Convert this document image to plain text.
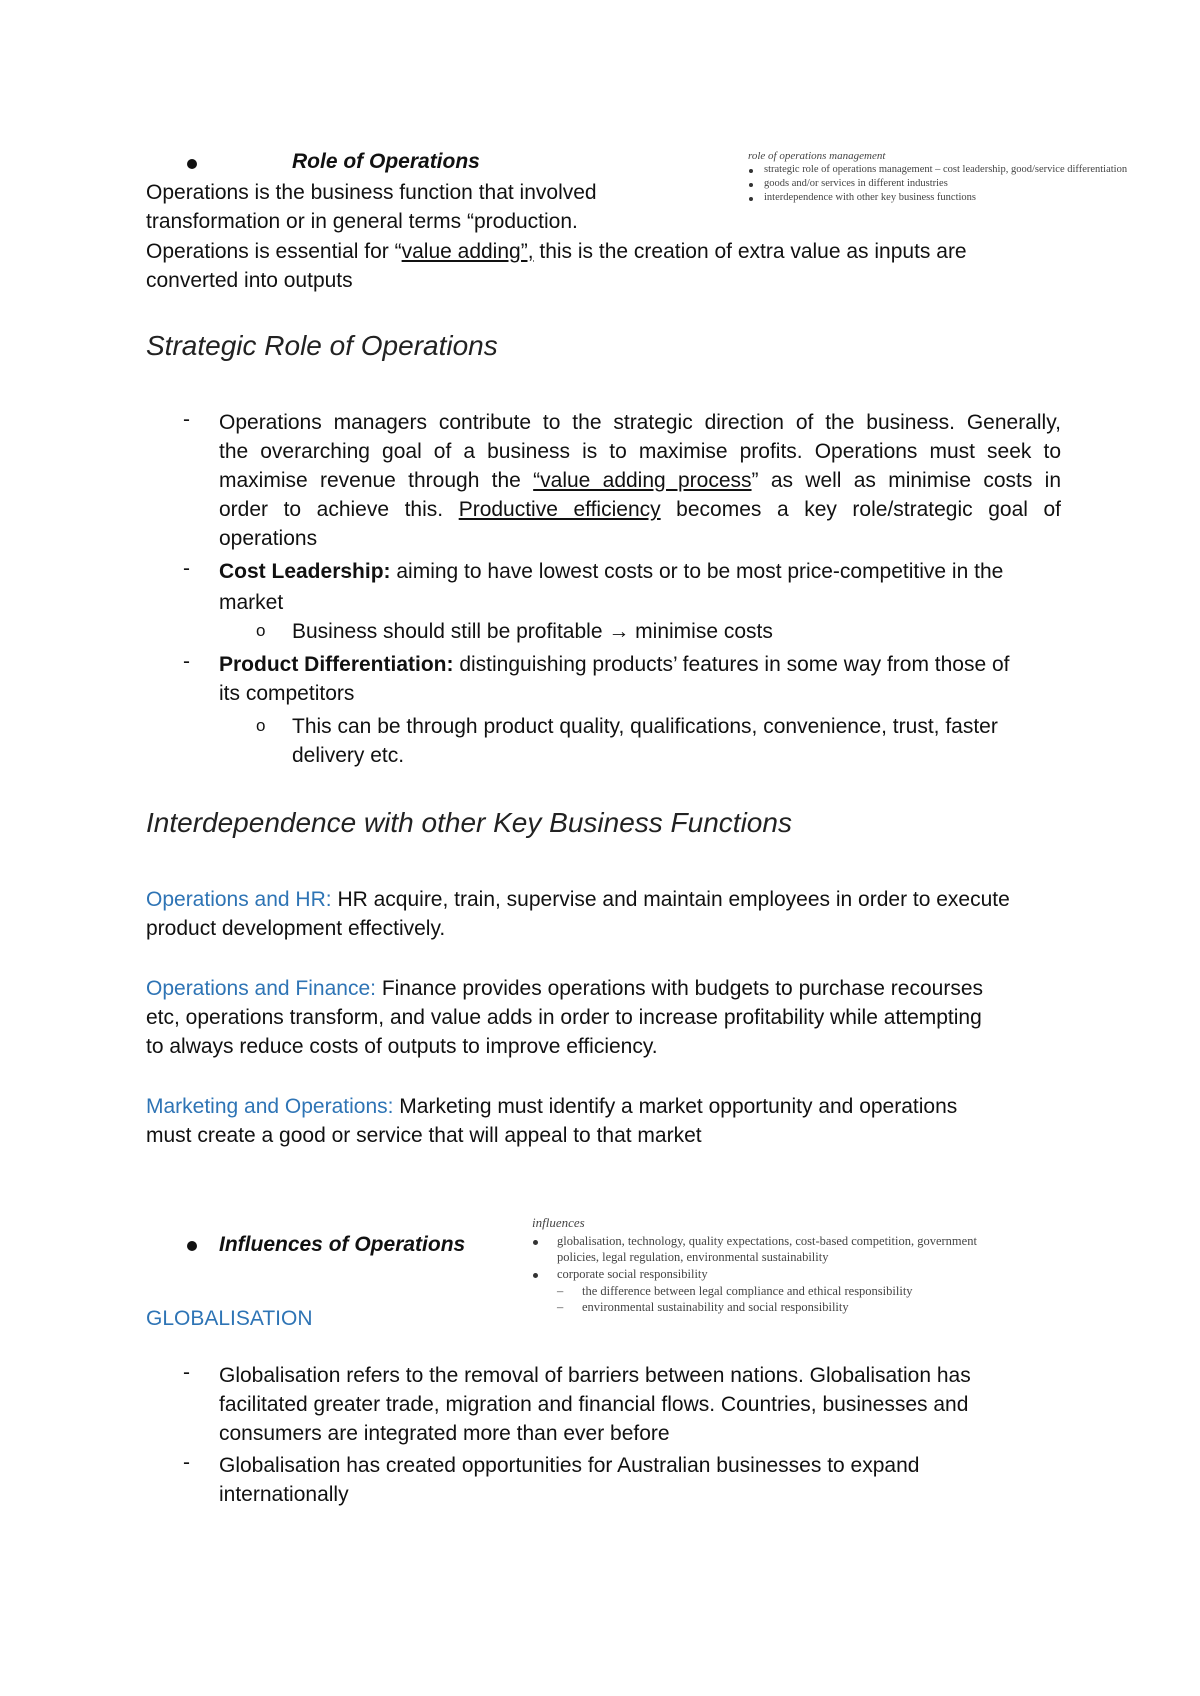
Role of Operations
Operations is the business function that involved
transformation or in general terms “production.
Operations is essential for “value adding”, this is the creation of extra value as inputs are
converted into outputs
role of operations management
strategic role of operations management – cost leadership, good/service differentiation
goods and/or services in different industries
interdependence with other key business functions
Strategic Role of Operations
- Operations managers contribute to the strategic direction of the business. Generally,
the overarching goal of a business is to maximise profits. Operations must seek to
maximise revenue through the “value adding process” as well as minimise costs in
order to achieve this. Productive efficiency becomes a key role/strategic goal of
operations
- Cost Leadership: aiming to have lowest costs or to be most price-competitive in the
market
o Business should still be profitable → minimise costs
- Product Differentiation: distinguishing products’ features in some way from those of
its competitors
o This can be through product quality, qualifications, convenience, trust, faster
delivery etc.
Interdependence with other Key Business Functions
Operations and HR: HR acquire, train, supervise and maintain employees in order to execute
product development effectively.
Operations and Finance: Finance provides operations with budgets to purchase recourses
etc, operations transform, and value adds in order to increase profitability while attempting
to always reduce costs of outputs to improve efficiency.
Marketing and Operations: Marketing must identify a market opportunity and operations
must create a good or service that will appeal to that market
Influences of Operations
GLOBALISATION
influences
globalisation, technology, quality expectations, cost-based competition, government
policies, legal regulation, environmental sustainability
corporate social responsibility
– the difference between legal compliance and ethical responsibility
– environmental sustainability and social responsibility
- Globalisation refers to the removal of barriers between nations. Globalisation has
facilitated greater trade, migration and financial flows. Countries, businesses and
consumers are integrated more than ever before
- Globalisation has created opportunities for Australian businesses to expand
internationally
